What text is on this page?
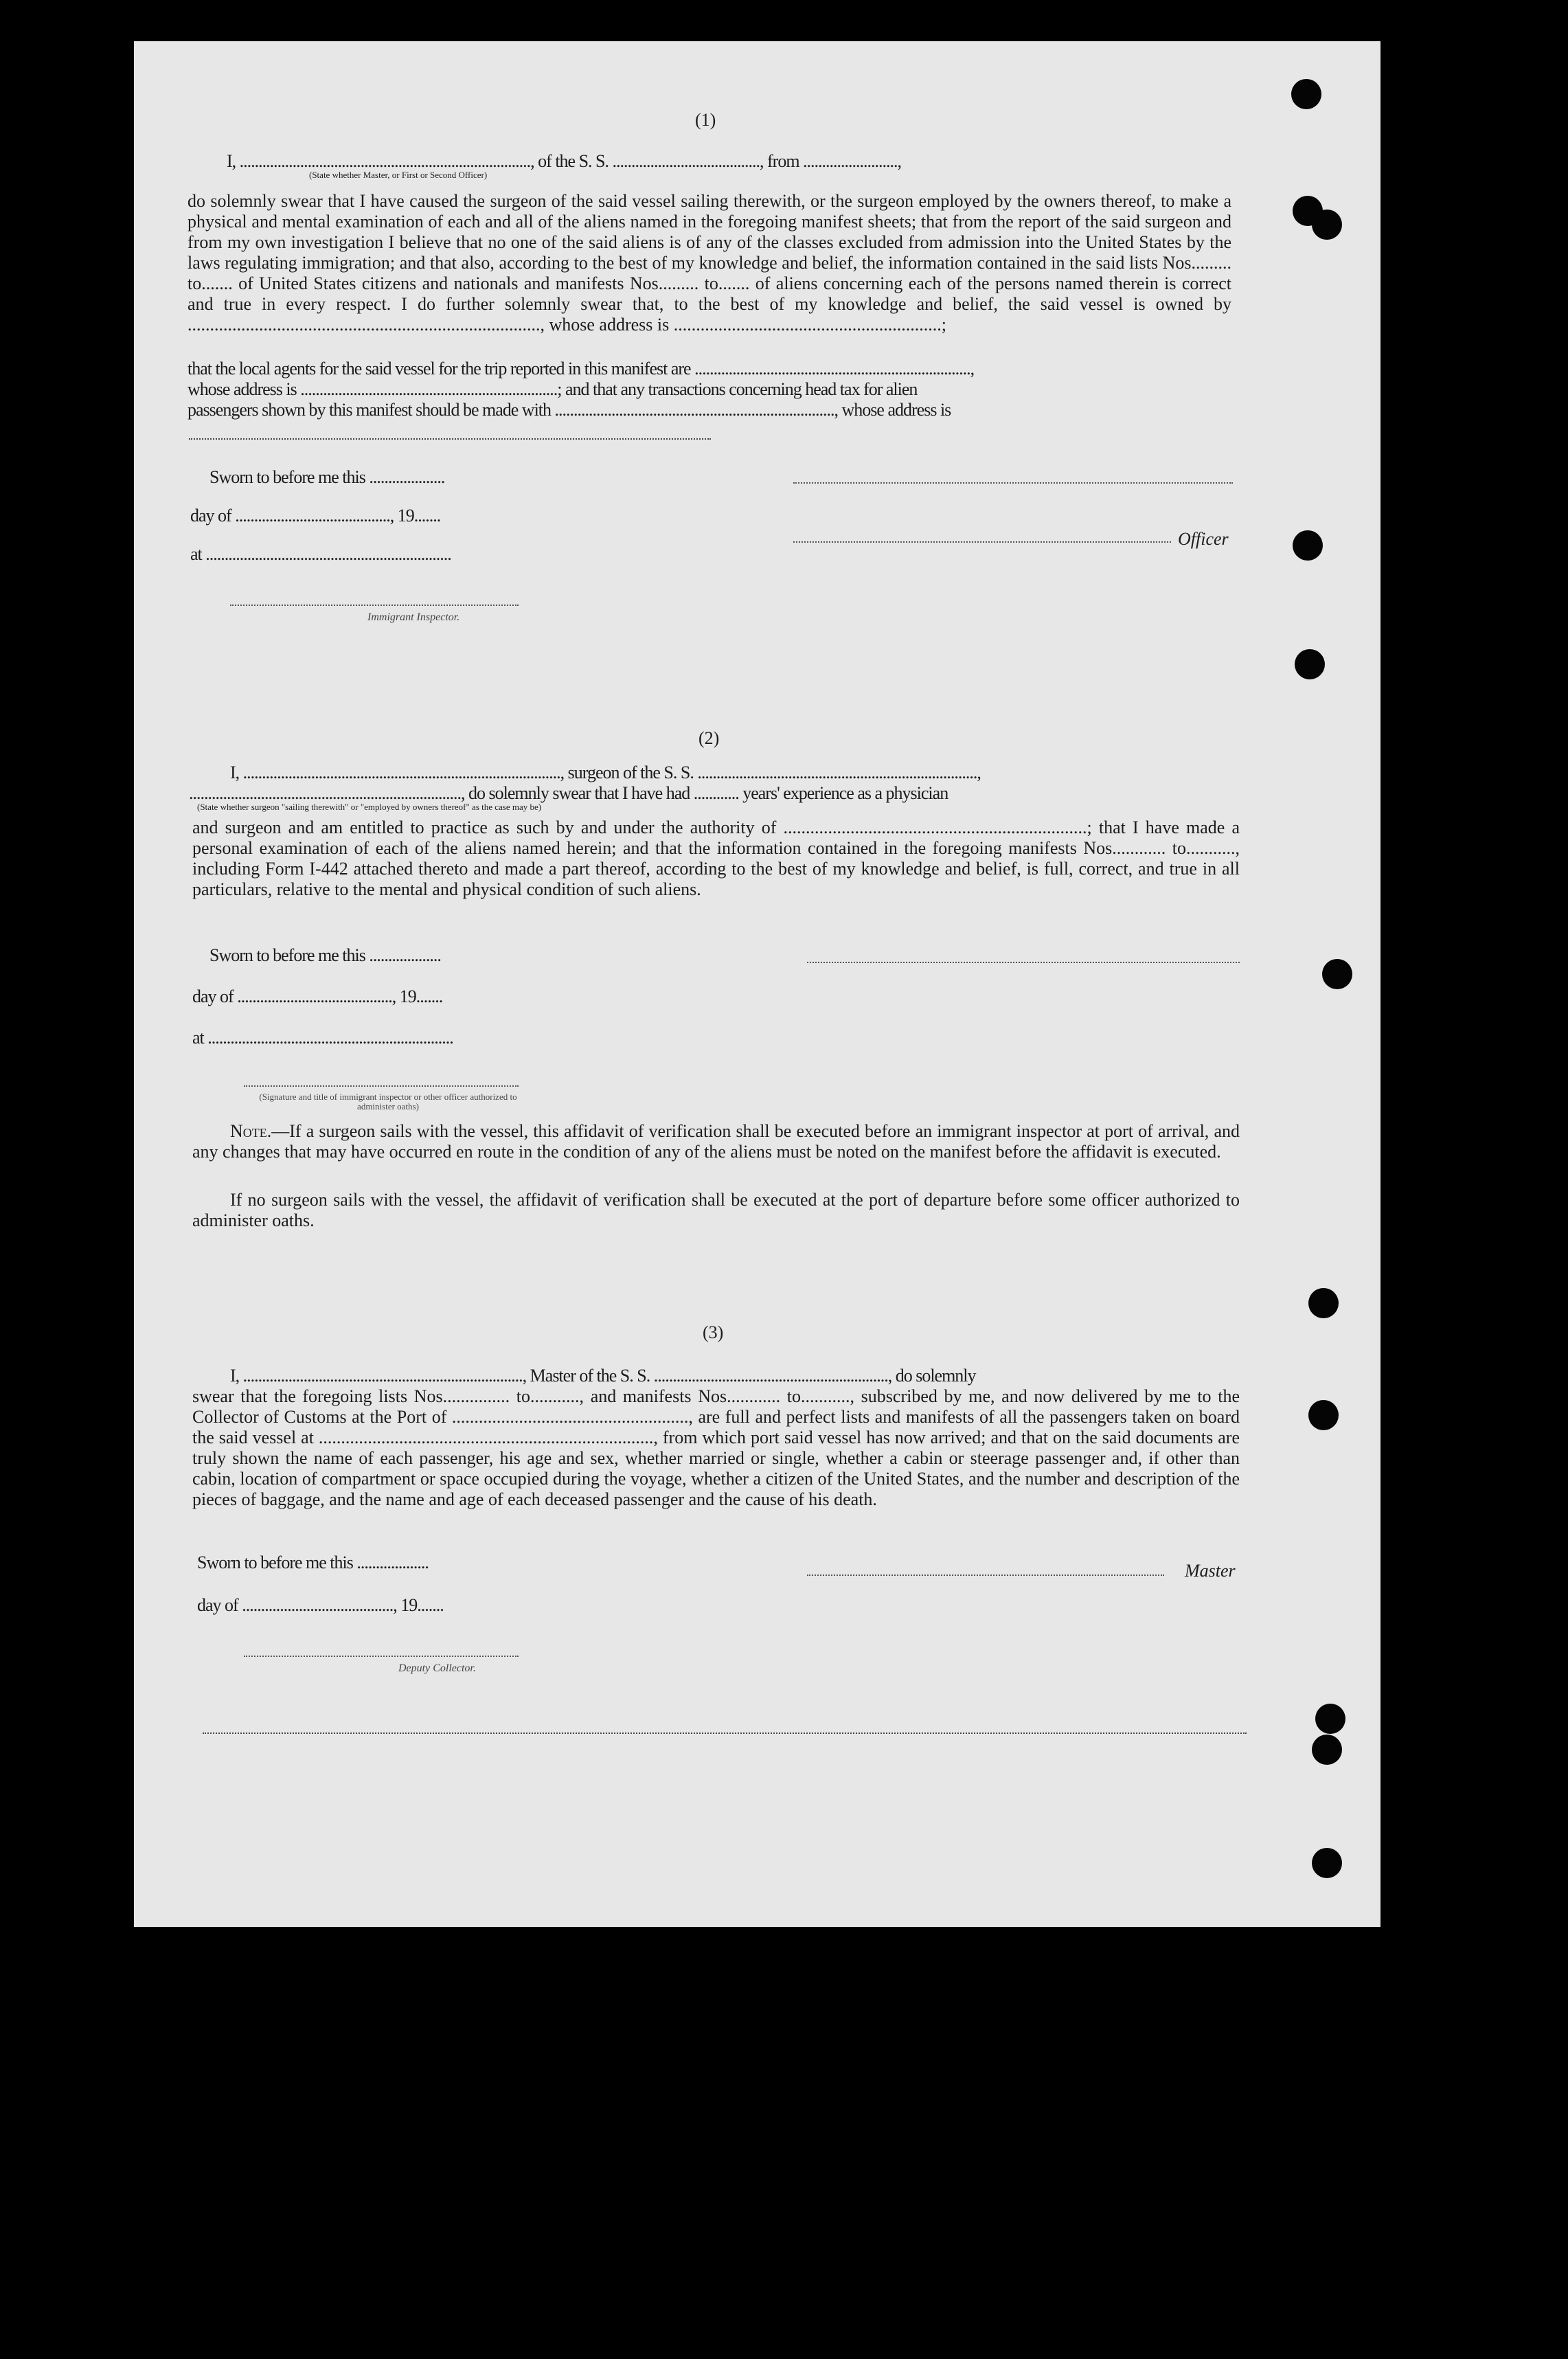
(1)
I, ............................................................................., of the S. S. ......................................., from .........................,
(State whether Master, or First or Second Officer)
do solemnly swear that I have caused the surgeon of the said vessel sailing therewith, or the surgeon employed by the owners thereof, to make a physical and mental examination of each and all of the aliens named in the foregoing manifest sheets; that from the report of the said surgeon and from my own investigation I believe that no one of the said aliens is of any of the classes excluded from admission into the United States by the laws regulating immigration; and that also, according to the best of my knowledge and belief, the information contained in the said lists Nos......... to....... of United States citizens and nationals and manifests Nos......... to....... of aliens concerning each of the persons named therein is correct and true in every respect. I do further solemnly swear that, to the best of my knowledge and belief, the said vessel is owned by ..............................................................................., whose address is ............................................................;
that the local agents for the said vessel for the trip reported in this manifest are .........................................................................,
whose address is ....................................................................; and that any transactions concerning head tax for alien
passengers shown by this manifest should be made with .........................................................................., whose address is
Sworn to before me this ....................
day of ........................................., 19.......
Officer
at .................................................................
Immigrant Inspector.
(2)
I, ...................................................................................., surgeon of the S. S. ..........................................................................,
........................................................................, do solemnly swear that I have had ............ years' experience as a physician
(State whether surgeon "sailing therewith" or "employed by owners thereof" as the case may be)
and surgeon and am entitled to practice as such by and under the authority of ....................................................................; that I have made a personal examination of each of the aliens named herein; and that the information contained in the foregoing manifests Nos............ to..........., including Form I-442 attached thereto and made a part thereof, according to the best of my knowledge and belief, is full, correct, and true in all particulars, relative to the mental and physical condition of such aliens.
Sworn to before me this ...................
day of ........................................., 19.......
at .................................................................
(Signature and title of immigrant inspector or other officer authorized to administer oaths)
Note.—If a surgeon sails with the vessel, this affidavit of verification shall be executed before an immigrant inspector at port of arrival, and any changes that may have occurred en route in the condition of any of the aliens must be noted on the manifest before the affidavit is executed.
If no surgeon sails with the vessel, the affidavit of verification shall be executed at the port of departure before some officer authorized to administer oaths.
(3)
I, .........................................................................., Master of the S. S. .............................................................., do solemnly
swear that the foregoing lists Nos............... to..........., and manifests Nos............ to..........., subscribed by me, and now delivered by me to the Collector of Customs at the Port of ....................................................., are full and perfect lists and manifests of all the passengers taken on board the said vessel at ..........................................................................., from which port said vessel has now arrived; and that on the said documents are truly shown the name of each passenger, his age and sex, whether married or single, whether a cabin or steerage passenger and, if other than cabin, location of compartment or space occupied during the voyage, whether a citizen of the United States, and the number and description of the pieces of baggage, and the name and age of each deceased passenger and the cause of his death.
Sworn to before me this ...................	Master
day of ........................................, 19.......
Deputy Collector.
